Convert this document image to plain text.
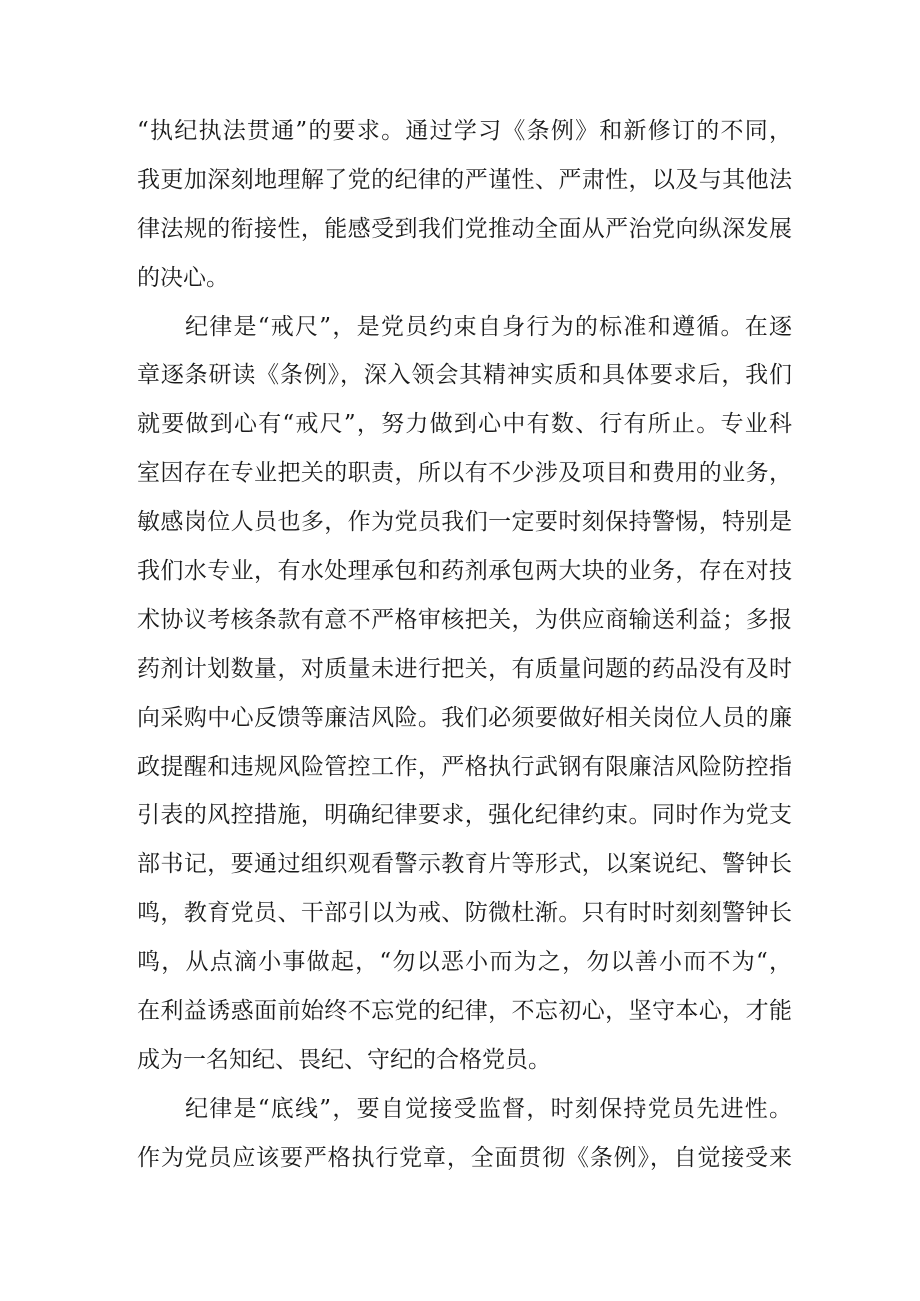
“执纪执法贯通”的要求。通过学习《条例》和新修订的不同，
我更加深刻地理解了党的纪律的严谨性、严肃性，以及与其他法
律法规的衔接性，能感受到我们党推动全面从严治党向纵深发展
的决心。
纪律是“戒尺”，是党员约束自身行为的标准和遵循。在逐
章逐条研读《条例》，深入领会其精神实质和具体要求后，我们
就要做到心有“戒尺”，努力做到心中有数、行有所止。专业科
室因存在专业把关的职责，所以有不少涉及项目和费用的业务，
敏感岗位人员也多，作为党员我们一定要时刻保持警惕，特别是
我们水专业，有水处理承包和药剂承包两大块的业务，存在对技
术协议考核条款有意不严格审核把关，为供应商输送利益；多报
药剂计划数量，对质量未进行把关，有质量问题的药品没有及时
向采购中心反馈等廉洁风险。我们必须要做好相关岗位人员的廉
政提醒和违规风险管控工作，严格执行武钢有限廉洁风险防控指
引表的风控措施，明确纪律要求，强化纪律约束。同时作为党支
部书记，要通过组织观看警示教育片等形式，以案说纪、警钟长
鸣，教育党员、干部引以为戒、防微杜渐。只有时时刻刻警钟长
鸣，从点滴小事做起，“勿以恶小而为之，勿以善小而不为“，
在利益诱惑面前始终不忘党的纪律，不忘初心，坚守本心，才能
成为一名知纪、畏纪、守纪的合格党员。
纪律是“底线”，要自觉接受监督，时刻保持党员先进性。
作为党员应该要严格执行党章，全面贯彻《条例》，自觉接受来
